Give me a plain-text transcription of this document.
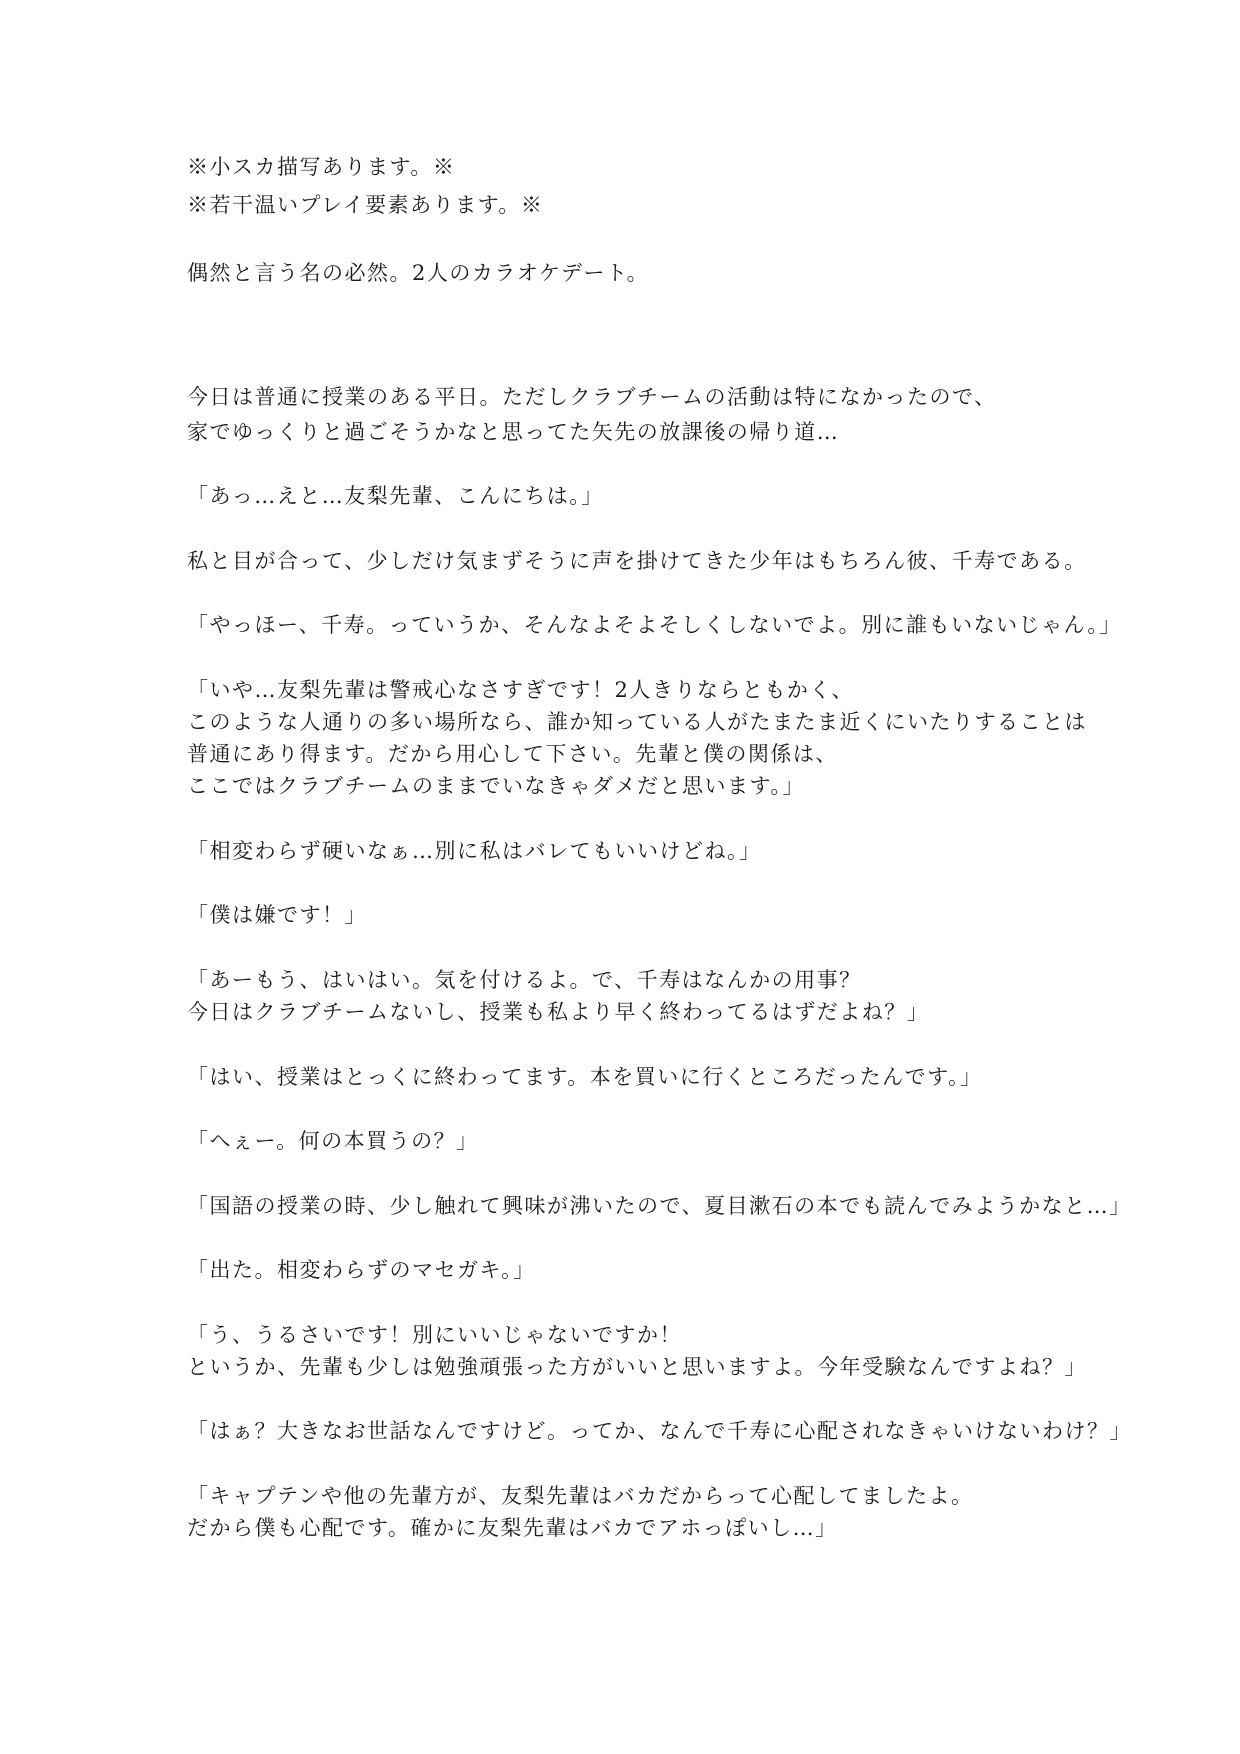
※小スカ描写あります。※
※若干温いプレイ要素あります。※
偶然と言う名の必然。2人のカラオケデート。
今日は普通に授業のある平日。ただしクラブチームの活動は特になかったので、
家でゆっくりと過ごそうかなと思ってた矢先の放課後の帰り道…
「あっ…えと…友梨先輩、こんにちは。」
私と目が合って、少しだけ気まずそうに声を掛けてきた少年はもちろん彼、千寿である。
「やっほー、千寿。っていうか、そんなよそよそしくしないでよ。別に誰もいないじゃん。」
「いや…友梨先輩は警戒心なさすぎです！2人きりならともかく、
このような人通りの多い場所なら、誰か知っている人がたまたま近くにいたりすることは
普通にあり得ます。だから用心して下さい。先輩と僕の関係は、
ここではクラブチームのままでいなきゃダメだと思います。」
「相変わらず硬いなぁ…別に私はバレてもいいけどね。」
「僕は嫌です！」
「あーもう、はいはい。気を付けるよ。で、千寿はなんかの用事？
今日はクラブチームないし、授業も私より早く終わってるはずだよね？」
「はい、授業はとっくに終わってます。本を買いに行くところだったんです。」
「へぇー。何の本買うの？」
「国語の授業の時、少し触れて興味が沸いたので、夏目漱石の本でも読んでみようかなと…」
「出た。相変わらずのマセガキ。」
「う、うるさいです！別にいいじゃないですか！
というか、先輩も少しは勉強頑張った方がいいと思いますよ。今年受験なんですよね？」
「はぁ？大きなお世話なんですけど。ってか、なんで千寿に心配されなきゃいけないわけ？」
「キャプテンや他の先輩方が、友梨先輩はバカだからって心配してましたよ。
だから僕も心配です。確かに友梨先輩はバカでアホっぽいし…」
